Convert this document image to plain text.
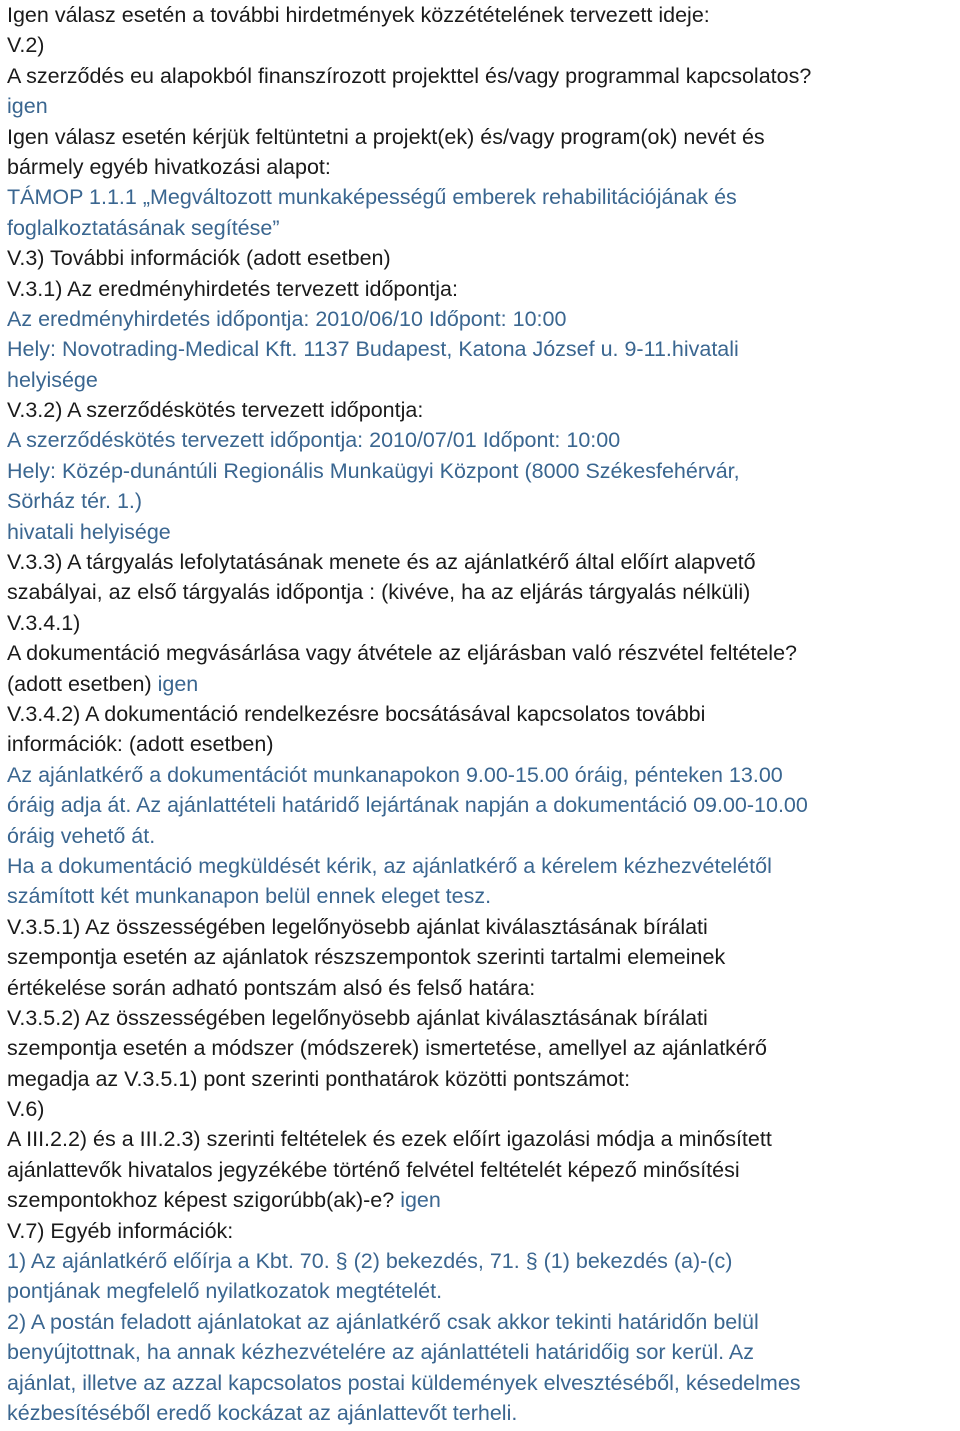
Igen válasz esetén a további hirdetmények közzétételének tervezett ideje:
V.2)
A szerződés eu alapokból finanszírozott projekttel és/vagy programmal kapcsolatos?
igen
Igen válasz esetén kérjük feltüntetni a projekt(ek) és/vagy program(ok) nevét és
bármely egyéb hivatkozási alapot:
TÁMOP 1.1.1 „Megváltozott munkaképességű emberek rehabilitációjának és
foglalkoztatásának segítése”
V.3) További információk (adott esetben)
V.3.1) Az eredményhirdetés tervezett időpontja:
Az eredményhirdetés időpontja: 2010/06/10 Időpont: 10:00
Hely: Novotrading-Medical Kft. 1137 Budapest, Katona József u. 9-11.hivatali
helyisége
V.3.2) A szerződéskötés tervezett időpontja:
A szerződéskötés tervezett időpontja: 2010/07/01 Időpont: 10:00
Hely: Közép-dunántúli Regionális Munkaügyi Központ (8000 Székesfehérvár,
Sörház tér. 1.)
hivatali helyisége
V.3.3) A tárgyalás lefolytatásának menete és az ajánlatkérő által előírt alapvető
szabályai, az első tárgyalás időpontja : (kivéve, ha az eljárás tárgyalás nélküli)
V.3.4.1)
A dokumentáció megvásárlása vagy átvétele az eljárásban való részvétel feltétele?
(adott esetben) igen
V.3.4.2) A dokumentáció rendelkezésre bocsátásával kapcsolatos további
információk: (adott esetben)
Az ajánlatkérő a dokumentációt munkanapokon 9.00-15.00 óráig, pénteken 13.00
óráig adja át. Az ajánlattételi határidő lejártának napján a dokumentáció 09.00-10.00
óráig vehető át.
Ha a dokumentáció megküldését kérik, az ajánlatkérő a kérelem kézhezvételétől
számított két munkanapon belül ennek eleget tesz.
V.3.5.1) Az összességében legelőnyösebb ajánlat kiválasztásának bírálati
szempontja esetén az ajánlatok részszempontok szerinti tartalmi elemeinek
értékelése során adható pontszám alsó és felső határa:
V.3.5.2) Az összességében legelőnyösebb ajánlat kiválasztásának bírálati
szempontja esetén a módszer (módszerek) ismertetése, amellyel az ajánlatkérő
megadja az V.3.5.1) pont szerinti ponthatárok közötti pontszámot:
V.6)
A III.2.2) és a III.2.3) szerinti feltételek és ezek előírt igazolási módja a minősített
ajánlattevők hivatalos jegyzékébe történő felvétel feltételét képező minősítési
szempontokhoz képest szigorúbb(ak)-e? igen
V.7) Egyéb információk:
1) Az ajánlatkérő előírja a Kbt. 70. § (2) bekezdés, 71. § (1) bekezdés (a)-(c)
pontjának megfelelő nyilatkozatok megtételét.
2) A postán feladott ajánlatokat az ajánlatkérő csak akkor tekinti határidőn belül
benyújtottnak, ha annak kézhezvételére az ajánlattételi határidőig sor kerül. Az
ajánlat, illetve az azzal kapcsolatos postai küldemények elvesztéséből, késedelmes
kézbesítéséből eredő kockázat az ajánlattevőt terheli.
